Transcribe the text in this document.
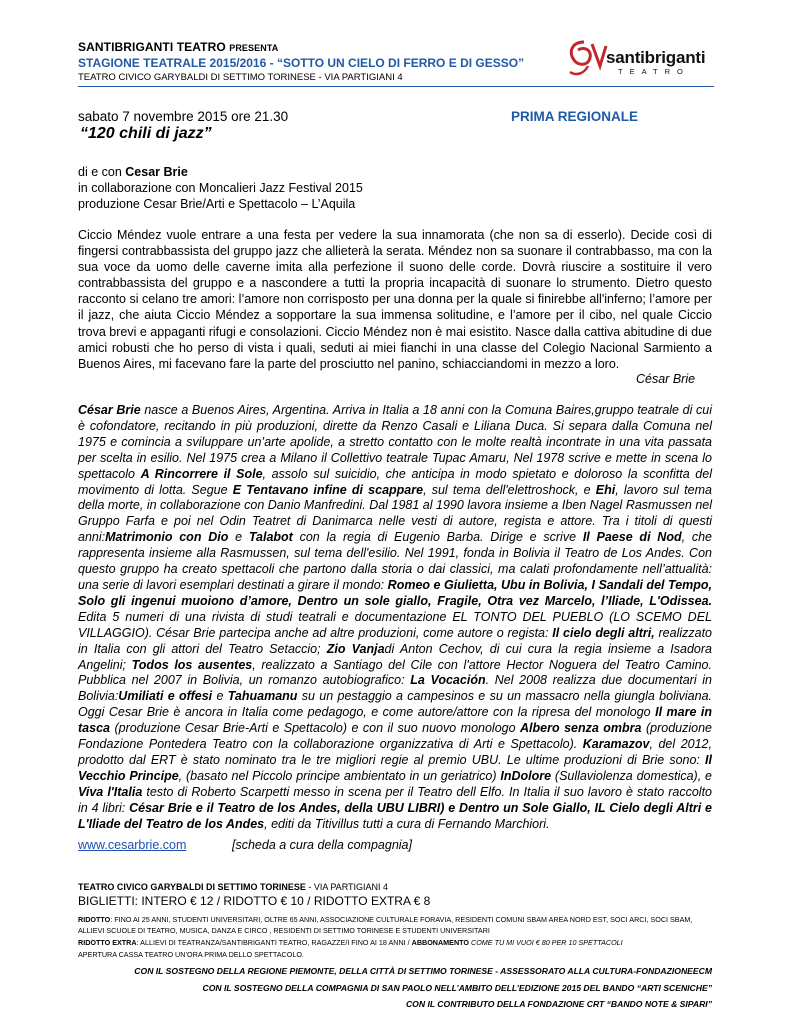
SANTIBRIGANTI TEATRO PRESENTA
STAGIONE TEATRALE 2015/2016 - “SOTTO UN CIELO DI FERRO E DI GESSO”
TEATRO CIVICO GARYBALDI DI SETTIMO TORINESE - VIA PARTIGIANI 4
santibriganti
TEATRO
sabato 7 novembre 2015 ore 21.30	PRIMA REGIONALE
“120 chili di jazz”
di e con Cesar Brie
in collaborazione con Moncalieri Jazz Festival 2015
produzione Cesar Brie/Arti e Spettacolo – L’Aquila
Ciccio Méndez vuole entrare a una festa per vedere la sua innamorata (che non sa di esserlo). Decide così di fingersi contrabbassista del gruppo jazz che allieterà la serata. Méndez non sa suonare il contrabbasso, ma con la sua voce da uomo delle caverne imita alla perfezione il suono delle corde. Dovrà riuscire a sostituire il vero contrabbassista del gruppo e a nascondere a tutti la propria incapacità di suonare lo strumento. Dietro questo racconto si celano tre amori: l’amore non corrisposto per una donna per la quale si finirebbe all'inferno; l’amore per il jazz, che aiuta Ciccio Méndez a sopportare la sua immensa solitudine, e l’amore per il cibo, nel quale Ciccio trova brevi e appaganti rifugi e consolazioni. Ciccio Méndez non è mai esistito. Nasce dalla cattiva abitudine di due amici robusti che ho perso di vista i quali, seduti ai miei fianchi in una classe del Colegio Nacional Sarmiento a Buenos Aires, mi facevano fare la parte del prosciutto nel panino, schiacciandomi in mezzo a loro.
César Brie
César Brie nasce a Buenos Aires, Argentina. Arriva in Italia a 18 anni con la Comuna Baires,gruppo teatrale di cui è cofondatore, recitando in più produzioni, dirette da Renzo Casali e Liliana Duca. Si separa dalla Comuna nel 1975 e comincia a sviluppare un’arte apolide, a stretto contatto con le molte realtà incontrate in una vita passata per scelta in esilio. Nel 1975 crea a Milano il Collettivo teatrale Tupac Amaru, Nel 1978 scrive e mette in scena lo spettacolo A Rincorrere il Sole, assolo sul suicidio, che anticipa in modo spietato e doloroso la sconfitta del movimento di lotta. Segue E Tentavano infine di scappare, sul tema dell'elettroshock, e Ehi, lavoro sul tema della morte, in collaborazione con Danio Manfredini. Dal 1981 al 1990 lavora insieme a Iben Nagel Rasmussen nel Gruppo Farfa e poi nel Odin Teatret di Danimarca nelle vesti di autore, regista e attore. Tra i titoli di questi anni:Matrimonio con Dio e Talabot con la regia di Eugenio Barba. Dirige e scrive Il Paese di Nod, che rappresenta insieme alla Rasmussen, sul tema dell'esilio. Nel 1991, fonda in Bolivia il Teatro de Los Andes. Con questo gruppo ha creato spettacoli che partono dalla storia o dai classici, ma calati profondamente nell’attualità: una serie di lavori esemplari destinati a girare il mondo: Romeo e Giulietta, Ubu in Bolivia, I Sandali del Tempo, Solo gli ingenui muoiono d’amore, Dentro un sole giallo, Fragile, Otra vez Marcelo, l’Iliade, L'Odissea. Edita 5 numeri di una rivista di studi teatrali e documentazione EL TONTO DEL PUEBLO (LO SCEMO DEL VILLAGGIO). César Brie partecipa anche ad altre produzioni, come autore o regista: Il cielo degli altri, realizzato in Italia con gli attori del Teatro Setaccio; Zio Vanjadi Anton Cechov, di cui cura la regia insieme a Isadora Angelini; Todos los ausentes, realizzato a Santiago del Cile con l'attore Hector Noguera del Teatro Camino. Pubblica nel 2007 in Bolivia, un romanzo autobiografico: La Vocación. Nel 2008 realizza due documentari in Bolivia:Umiliati e offesi e Tahuamanu su un pestaggio a campesinos e su un massacro nella giungla boliviana. Oggi Cesar Brie è ancora in Italia come pedagogo, e come autore/attore con la ripresa del monologo Il mare in tasca (produzione Cesar Brie-Arti e Spettacolo) e con il suo nuovo monologo Albero senza ombra (produzione Fondazione Pontedera Teatro con la collaborazione organizzativa di Arti e Spettacolo). Karamazov, del 2012, prodotto dal ERT è stato nominato tra le tre migliori regie al premio UBU. Le ultime produzioni di Brie sono: Il Vecchio Principe, (basato nel Piccolo principe ambientato in un geriatrico) InDolore (Sullaviolenza domestica), e Viva l'Italia testo di Roberto Scarpetti messo in scena per il Teatro dell Elfo. In Italia il suo lavoro è stato raccolto in 4 libri: César Brie e il Teatro de los Andes, della UBU LIBRI) e Dentro un Sole Giallo, IL Cielo degli Altri e L'Iliade del Teatro de los Andes, editi da Titivillus tutti a cura di Fernando Marchiori.
www.cesarbrie.com	[scheda a cura della compagnia]
TEATRO CIVICO GARYBALDI DI SETTIMO TORINESE - VIA PARTIGIANI 4
BIGLIETTI: INTERO € 12 / RIDOTTO € 10 / RIDOTTO EXTRA € 8
RIDOTTO: FINO AI 25 ANNI, STUDENTI UNIVERSITARI, OLTRE 65 ANNI, ASSOCIAZIONE CULTURALE FORAVIA, RESIDENTI COMUNI SBAM AREA NORD EST, SOCI ARCI, SOCI SBAM, ALLIEVI SCUOLE DI TEATRO, MUSICA, DANZA E CIRCO , RESIDENTI DI SETTIMO TORINESE E STUDENTI UNIVERSITARI
RIDOTTO EXTRA: ALLIEVI DI TEATRANZA/SANTIBRIGANTI TEATRO, RAGAZZE/I FINO AI 18 ANNI / ABBONAMENTO COME TU MI VUOI € 80 PER 10 SPETTACOLI
APERTURA CASSA TEATRO UN’ORA PRIMA DELLO SPETTACOLO.
CON IL SOSTEGNO DELLA REGIONE PIEMONTE, DELLA CITTÀ DI SETTIMO TORINESE - ASSESSORATO ALLA CULTURA-FONDAZIONEECM
CON IL SOSTEGNO DELLA COMPAGNIA DI SAN PAOLO NELL’AMBITO DELL’EDIZIONE 2015 DEL BANDO “ARTI SCENICHE”
CON IL CONTRIBUTO DELLA FONDAZIONE CRT “BANDO NOTE & SIPARI”
